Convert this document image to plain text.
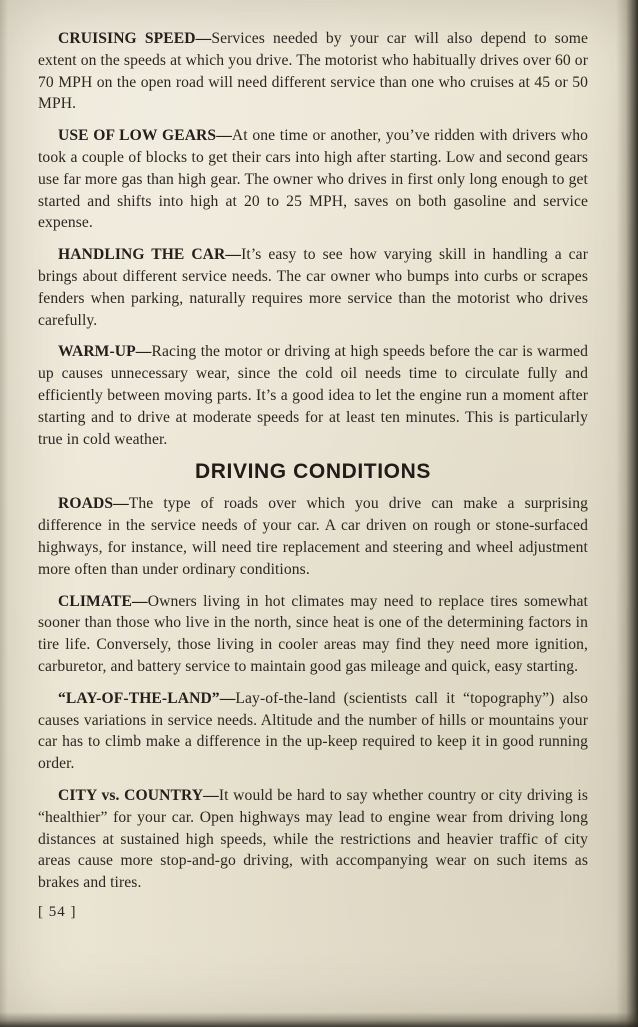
CRUISING SPEED—Services needed by your car will also depend to some extent on the speeds at which you drive. The motorist who habitually drives over 60 or 70 MPH on the open road will need different service than one who cruises at 45 or 50 MPH.

USE OF LOW GEARS—At one time or another, you’ve ridden with drivers who took a couple of blocks to get their cars into high after starting. Low and second gears use far more gas than high gear. The owner who drives in first only long enough to get started and shifts into high at 20 to 25 MPH, saves on both gasoline and service expense.

HANDLING THE CAR—It’s easy to see how varying skill in handling a car brings about different service needs. The car owner who bumps into curbs or scrapes fenders when parking, naturally requires more service than the motorist who drives carefully.

WARM-UP—Racing the motor or driving at high speeds before the car is warmed up causes unnecessary wear, since the cold oil needs time to circulate fully and efficiently between moving parts. It’s a good idea to let the engine run a moment after starting and to drive at moderate speeds for at least ten minutes. This is particularly true in cold weather.

DRIVING CONDITIONS

ROADS—The type of roads over which you drive can make a surprising difference in the service needs of your car. A car driven on rough or stone-surfaced highways, for instance, will need tire replacement and steering and wheel adjustment more often than under ordinary conditions.

CLIMATE—Owners living in hot climates may need to replace tires somewhat sooner than those who live in the north, since heat is one of the determining factors in tire life. Conversely, those living in cooler areas may find they need more ignition, carburetor, and battery service to maintain good gas mileage and quick, easy starting.

“LAY-OF-THE-LAND”—Lay-of-the-land (scientists call it “topography”) also causes variations in service needs. Altitude and the number of hills or mountains your car has to climb make a difference in the up-keep required to keep it in good running order.

CITY vs. COUNTRY—It would be hard to say whether country or city driving is “healthier” for your car. Open highways may lead to engine wear from driving long distances at sustained high speeds, while the restrictions and heavier traffic of city areas cause more stop-and-go driving, with accompanying wear on such items as brakes and tires.

[ 54 ]
